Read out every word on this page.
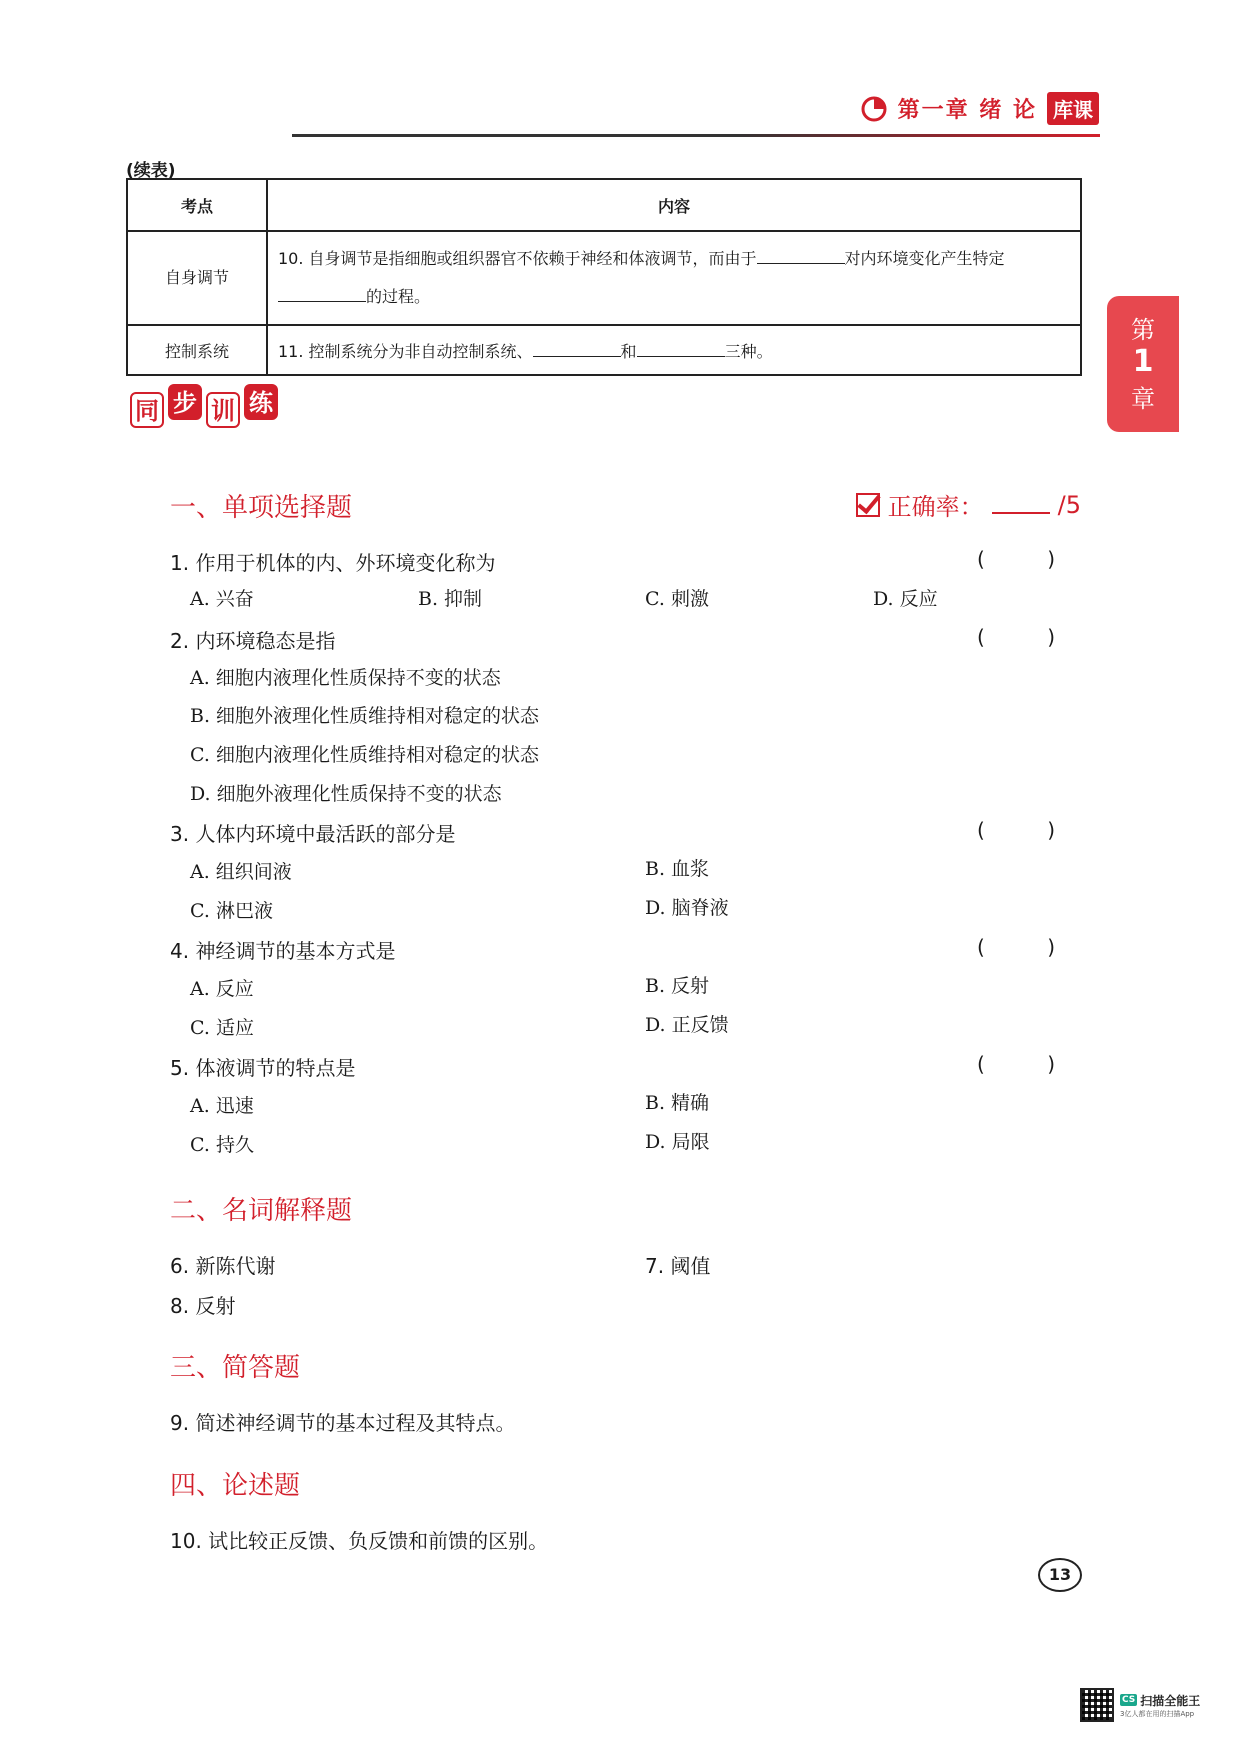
第一章 绪 论 库课
(续表)
考点	内容
自身调节	10. 自身调节是指细胞或组织器官不依赖于神经和体液调节，而由于 对内环境变化产生特定
的过程。
控制系统	11. 控制系统分为非自动控制系统、 和 三种。
第
1
章
同 步 训 练
一、单项选择题	正确率：	/5
1. 作用于机体的内、外环境变化称为	( )
A. 兴奋	B. 抑制	C. 刺激	D. 反应
2. 内环境稳态是指	( )
A. 细胞内液理化性质保持不变的状态
B. 细胞外液理化性质维持相对稳定的状态
C. 细胞内液理化性质维持相对稳定的状态
D. 细胞外液理化性质保持不变的状态
3. 人体内环境中最活跃的部分是	( )
A. 组织间液	B. 血浆
C. 淋巴液	D. 脑脊液
4. 神经调节的基本方式是	( )
A. 反应	B. 反射
C. 适应	D. 正反馈
5. 体液调节的特点是	( )
A. 迅速	B. 精确
C. 持久	D. 局限
二、名词解释题
6. 新陈代谢	7. 阈值
8. 反射
三、简答题
9. 简述神经调节的基本过程及其特点。
四、论述题
10. 试比较正反馈、负反馈和前馈的区别。
13
CS 扫描全能王
3亿人都在用的扫描App
